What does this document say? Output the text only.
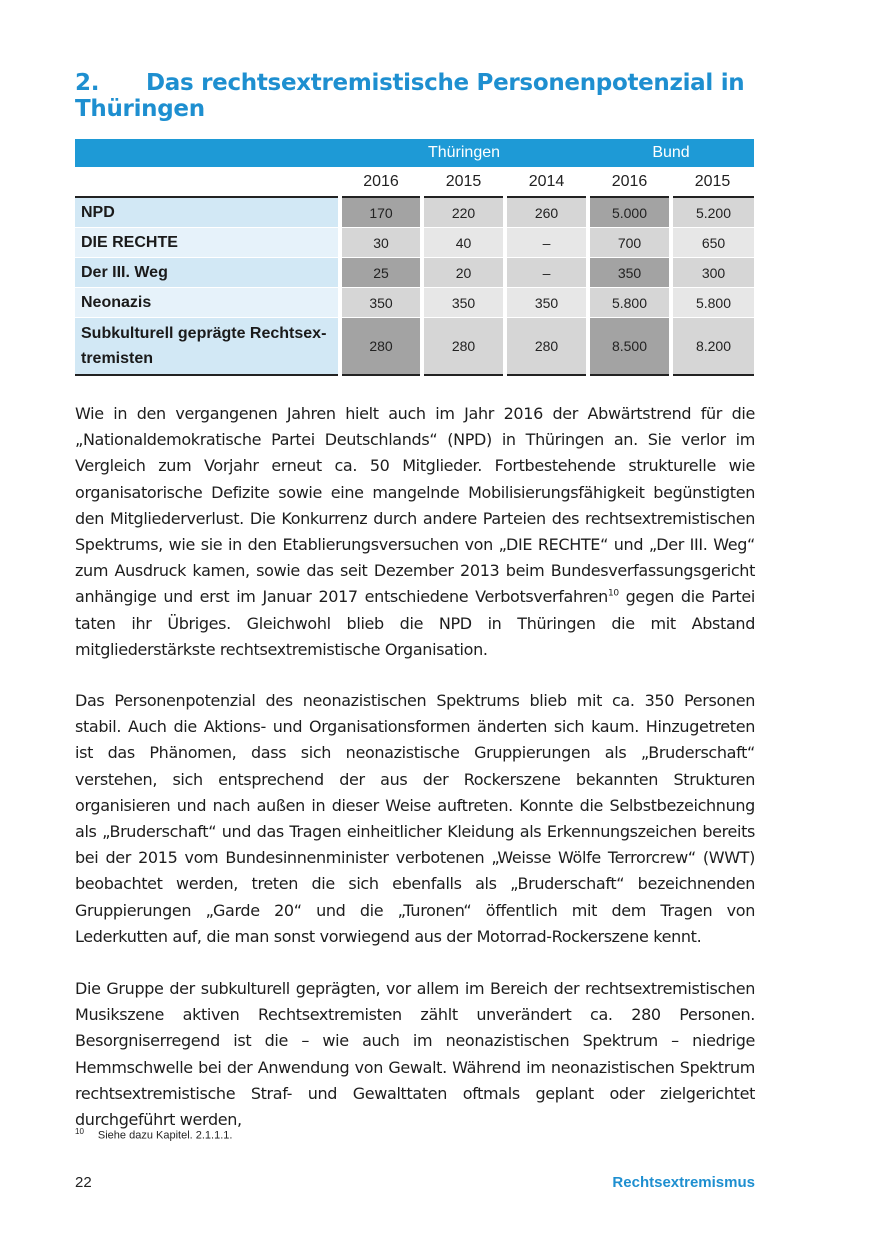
2. Das rechtsextremistische Personenpotenzial in Thüringen
	Thüringen			Bund	
	2016	2015	2014	2016	2015
NPD	170	220	260	5.000	5.200
DIE RECHTE	30	40	–	700	650
Der III. Weg	25	20	–	350	300
Neonazis	350	350	350	5.800	5.800
Subkulturell geprägte Rechtsex-
tremisten	280	280	280	8.500	8.200

Wie in den vergangenen Jahren hielt auch im Jahr 2016 der Abwärtstrend für die „Nationaldemokratische Partei Deutschlands“ (NPD) in Thüringen an. Sie verlor im Vergleich zum Vorjahr erneut ca. 50 Mitglieder. Fortbestehende strukturelle wie organisatorische Defizite sowie eine mangelnde Mobilisierungsfähigkeit begünstigten den Mitgliederverlust. Die Konkurrenz durch andere Parteien des rechtsextremistischen Spektrums, wie sie in den Etablierungsversuchen von „DIE RECHTE“ und „Der III. Weg“ zum Ausdruck kamen, sowie das seit Dezember 2013 beim Bundesverfassungsgericht anhängige und erst im Januar 2017 entschiedene Verbotsverfahren$^{10}$ gegen die Partei taten ihr Übriges. Gleichwohl blieb die NPD in Thüringen die mit Abstand mitgliederstärkste rechtsextremistische Organisation.

Das Personenpotenzial des neonazistischen Spektrums blieb mit ca. 350 Personen stabil. Auch die Aktions- und Organisationsformen änderten sich kaum. Hinzugetreten ist das Phänomen, dass sich neonazistische Gruppierungen als „Bruderschaft“ verstehen, sich entsprechend der aus der Rockerszene bekannten Strukturen organisieren und nach außen in dieser Weise auftreten. Konnte die Selbstbezeichnung als „Bruderschaft“ und das Tragen einheitlicher Kleidung als Erkennungszeichen bereits bei der 2015 vom Bundesinnenminister verbotenen „Weisse Wölfe Terrorcrew“ (WWT) beobachtet werden, treten die sich ebenfalls als „Bruderschaft“ bezeichnenden Gruppierungen „Garde 20“ und die „Turonen“ öffentlich mit dem Tragen von Lederkutten auf, die man sonst vorwiegend aus der Motorrad-Rockerszene kennt.

Die Gruppe der subkulturell geprägten, vor allem im Bereich der rechtsextremistischen Musikszene aktiven Rechtsextremisten zählt unverändert ca. 280 Personen. Besorgniserregend ist die – wie auch im neonazistischen Spektrum – niedrige Hemmschwelle bei der Anwendung von Gewalt. Während im neonazistischen Spektrum rechtsextremistische Straf- und Gewalttaten oftmals geplant oder zielgerichtet durchgeführt werden,

$^{10}$ Siehe dazu Kapitel. 2.1.1.1.
22	Rechtsextremismus
